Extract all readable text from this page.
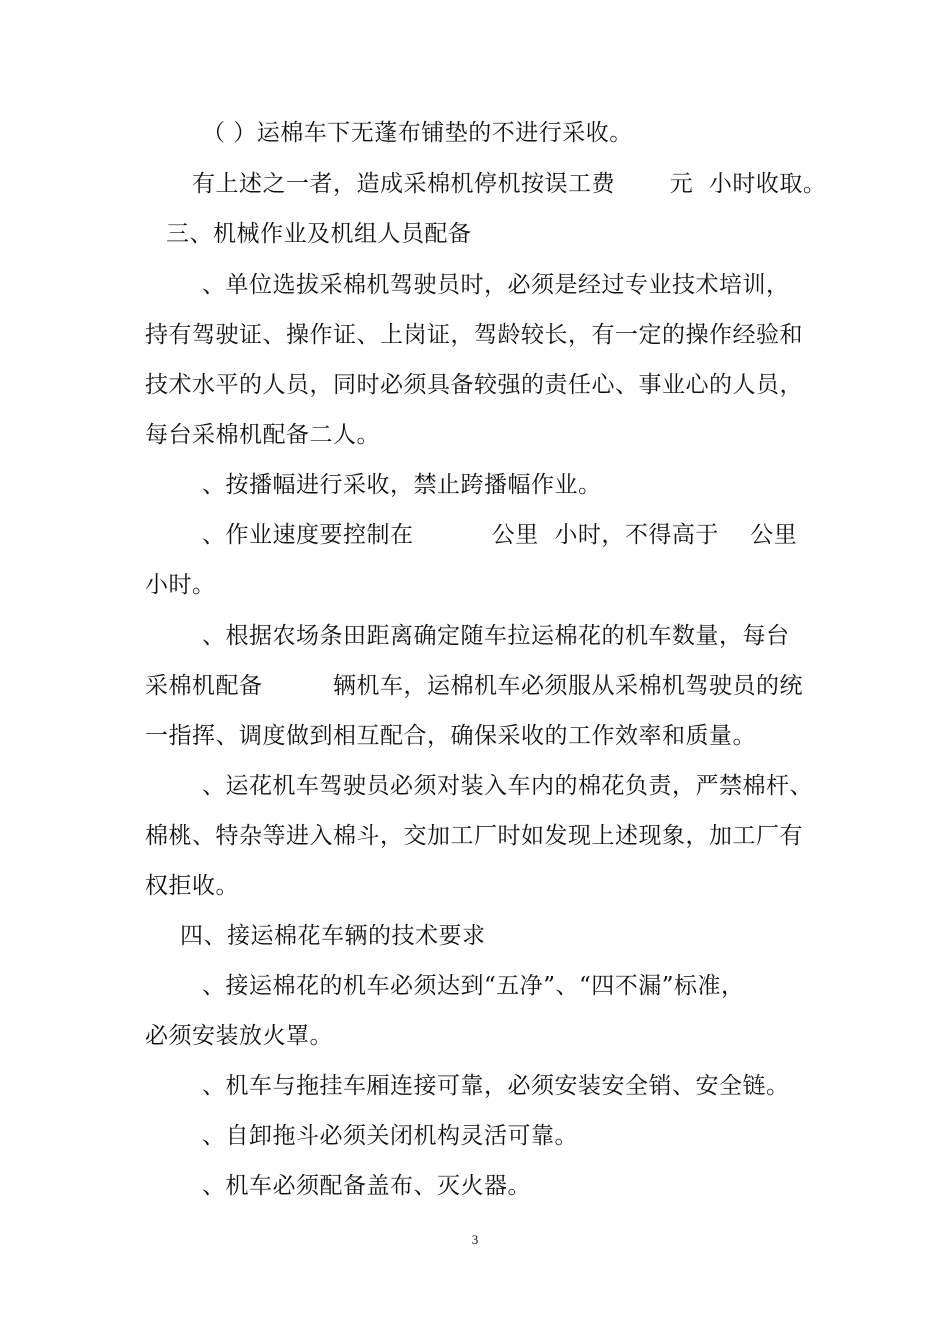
（ ）运棉车下无蓬布铺垫的不进行采收。
有上述之一者，造成采棉机停机按误工费　　 元  小时收取。
三、机械作业及机组人员配备
、单位选拔采棉机驾驶员时，必须是经过专业技术培训，
持有驾驶证、操作证、上岗证，驾龄较长，有一定的操作经验和
技术水平的人员，同时必须具备较强的责任心、事业心的人员，
每台采棉机配备二人。
、按播幅进行采收，禁止跨播幅作业。
、作业速度要控制在　　　 公里  小时，不得高于　 公里
小时。
、根据农场条田距离确定随车拉运棉花的机车数量，每台
采棉机配备　　　辆机车，运棉机车必须服从采棉机驾驶员的统
一指挥、调度做到相互配合，确保采收的工作效率和质量。
、运花机车驾驶员必须对装入车内的棉花负责，严禁棉杆、
棉桃、特杂等进入棉斗，交加工厂时如发现上述现象，加工厂有
权拒收。
四、接运棉花车辆的技术要求
、接运棉花的机车必须达到“五净”、“四不漏”标准，
必须安装放火罩。
、机车与拖挂车厢连接可靠，必须安装安全销、安全链。
、自卸拖斗必须关闭机构灵活可靠。
、机车必须配备盖布、灭火器。
3
